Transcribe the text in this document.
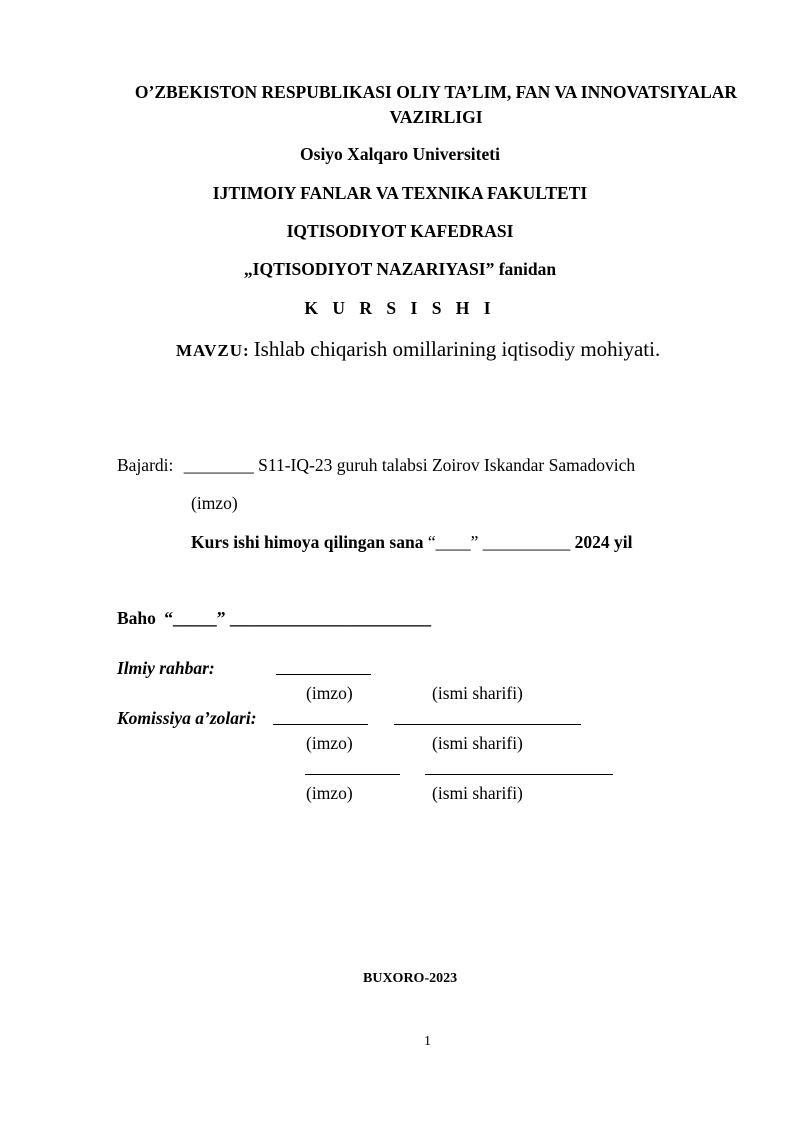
O’ZBEKISTON RESPUBLIKASI OLIY TA’LIM, FAN VA INNOVATSIYALAR VAZIRLIGI
Osiyo Xalqaro Universiteti
IJTIMOIY FANLAR VA TEXNIKA FAKULTETI
IQTISODIYOT KAFEDRASI
„IQTISODIYOT NAZARIYASI” fanidan
K U R S I S H I
MAVZU: Ishlab chiqarish omillarining iqtisodiy mohiyati.
Bajardi: ________ S11-IQ-23 guruh talabsi Zoirov Iskandar Samadovich
(imzo)
Kurs ishi himoya qilingan sana “____” __________ 2024 yil
Baho “_____” _______________________
Ilmiy rahbar:
(imzo)	(ismi sharifi)
Komissiya a’zolari:
(imzo)	(ismi sharifi)
(imzo)	(ismi sharifi)
BUXORO-2023
1
